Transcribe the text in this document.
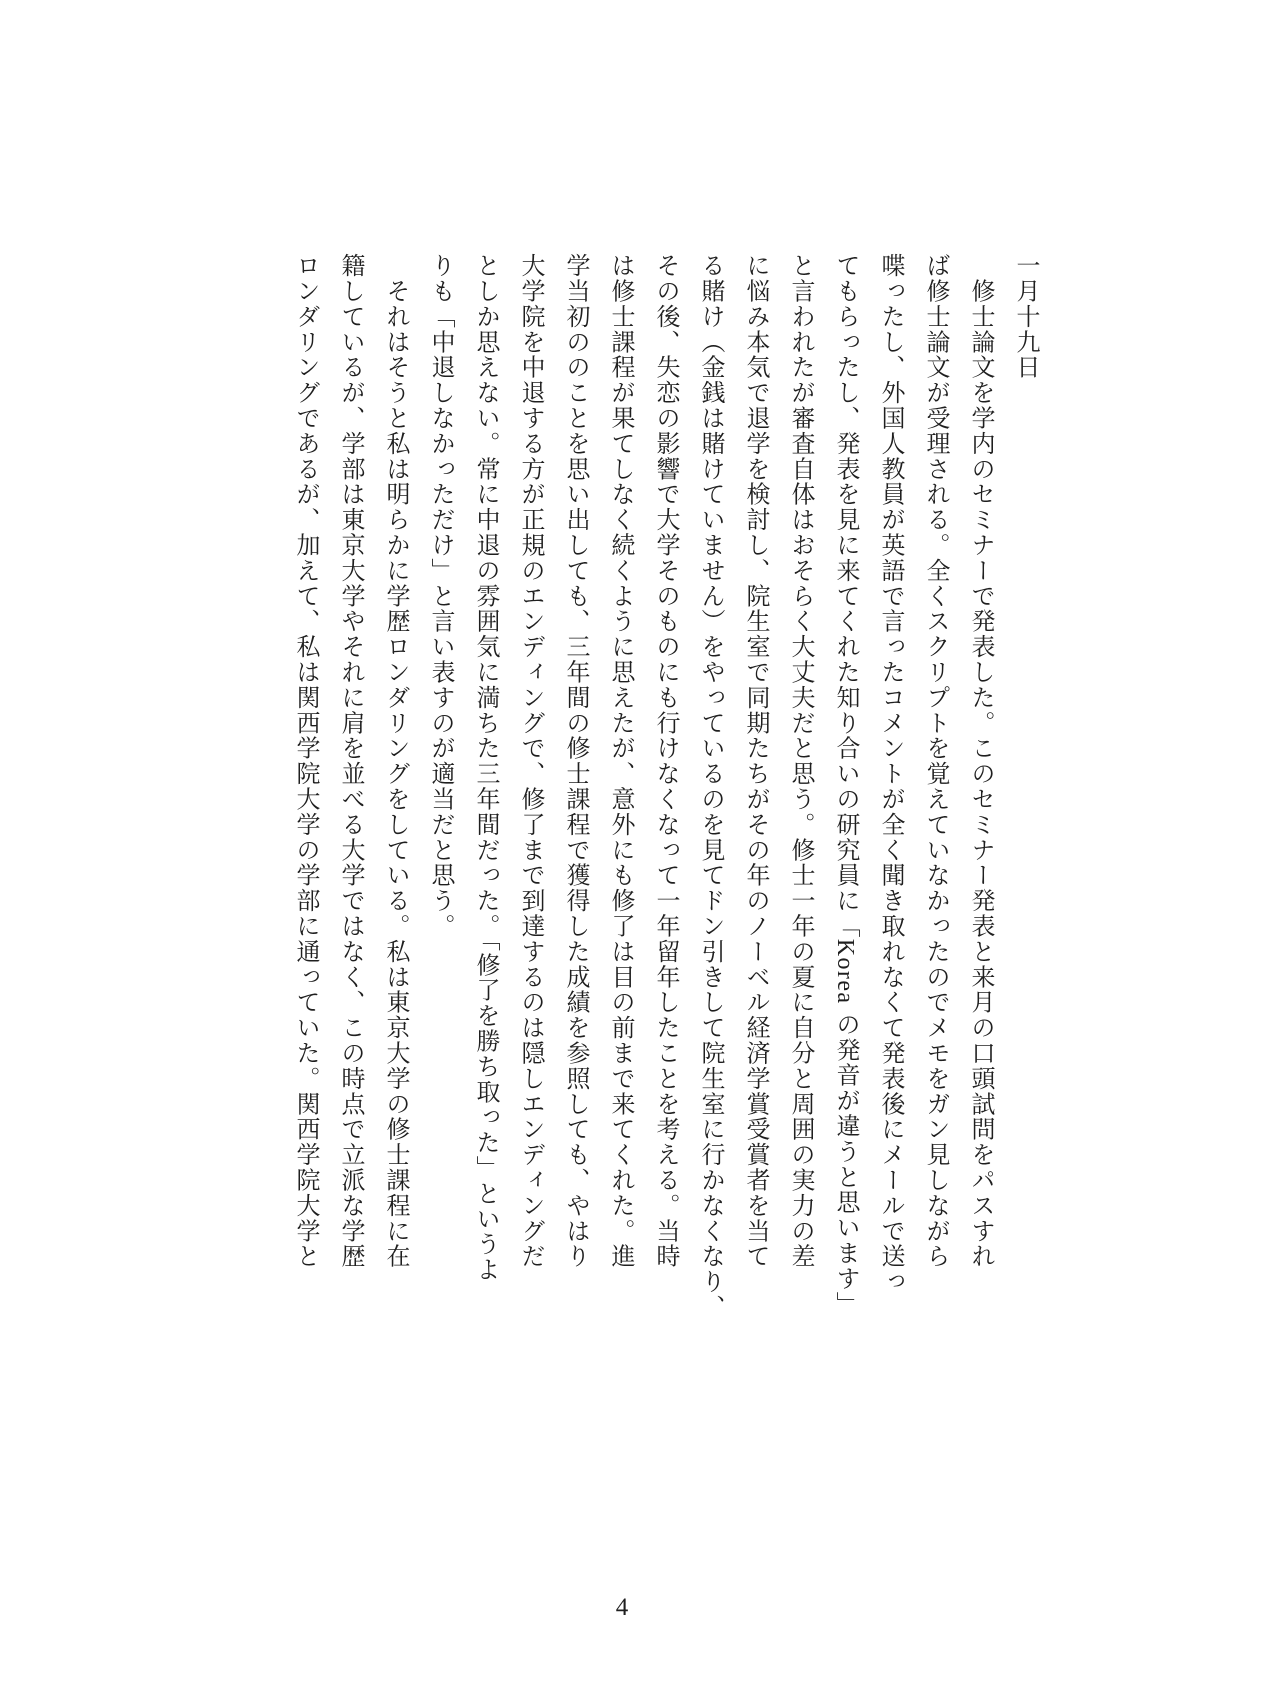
一月十九日
　修士論文を学内のセミナーで発表した。このセミナー発表と来月の口頭試問をパスすれ
ば修士論文が受理される。全くスクリプトを覚えていなかったのでメモをガン見しながら
喋ったし、外国人教員が英語で言ったコメントが全く聞き取れなくて発表後にメールで送っ
てもらったし、発表を見に来てくれた知り合いの研究員に「Korea の発音が違うと思います」
と言われたが審査自体はおそらく大丈夫だと思う。修士一年の夏に自分と周囲の実力の差
に悩み本気で退学を検討し、院生室で同期たちがその年のノーベル経済学賞受賞者を当て
る賭け（金銭は賭けていません）をやっているのを見てドン引きして院生室に行かなくなり、
その後、失恋の影響で大学そのものにも行けなくなって一年留年したことを考える。当時
は修士課程が果てしなく続くように思えたが、意外にも修了は目の前まで来てくれた。進
学当初ののことを思い出しても、三年間の修士課程で獲得した成績を参照しても、やはり
大学院を中退する方が正規のエンディングで、修了まで到達するのは隠しエンディングだ
としか思えない。常に中退の雰囲気に満ちた三年間だった。「修了を勝ち取った」というよ
りも「中退しなかっただけ」と言い表すのが適当だと思う。
　それはそうと私は明らかに学歴ロンダリングをしている。私は東京大学の修士課程に在
籍しているが、学部は東京大学やそれに肩を並べる大学ではなく、この時点で立派な学歴
ロンダリングであるが、加えて、私は関西学院大学の学部に通っていた。関西学院大学と
4
